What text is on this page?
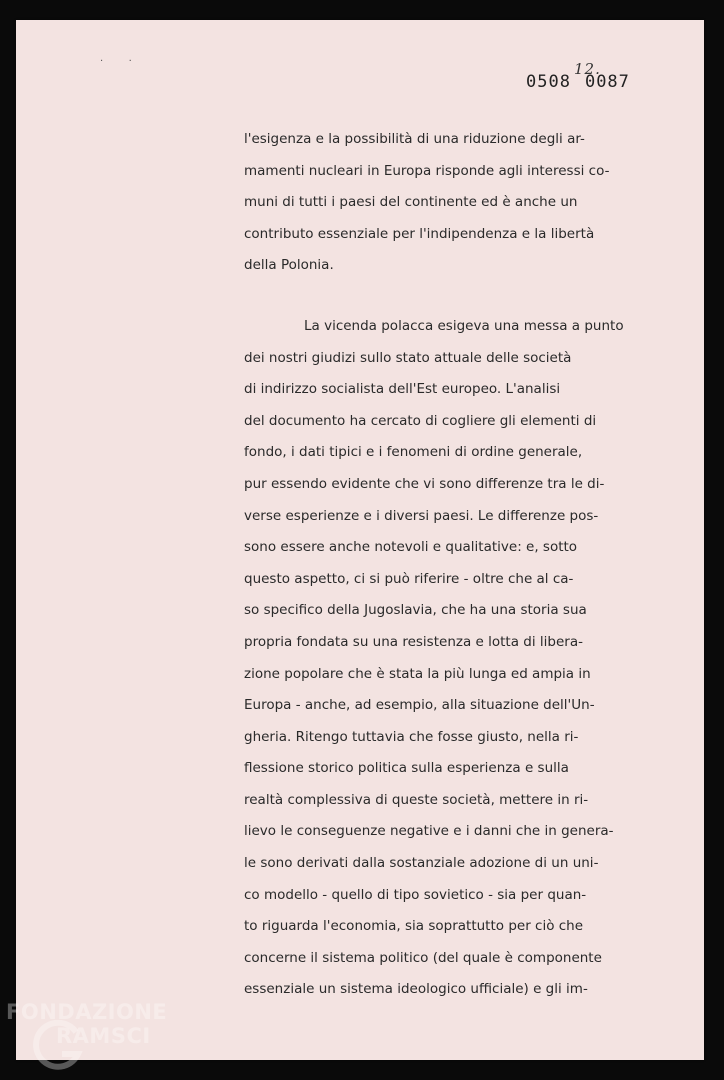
·        ·
0508
12.
0087
l'esigenza e la possibilità di una riduzione degli ar-
mamenti nucleari in Europa risponde agli interessi co-
muni di tutti i paesi del continente ed è anche un
contributo essenziale per l'indipendenza e la libertà
della Polonia.
La vicenda polacca esigeva una messa a punto
dei nostri giudizi sullo stato attuale delle società
di indirizzo socialista dell'Est europeo. L'analisi
del documento ha cercato di cogliere gli elementi di
fondo, i dati tipici e i fenomeni di ordine generale,
pur essendo evidente che vi sono differenze tra le di-
verse esperienze e i diversi paesi. Le differenze pos-
sono essere anche notevoli e qualitative: e, sotto
questo aspetto, ci si può riferire - oltre che al ca-
so specifico della Jugoslavia, che ha una storia sua
propria fondata su una resistenza e lotta di libera-
zione popolare che è stata la più lunga ed ampia in
Europa - anche, ad esempio, alla situazione dell'Un-
gheria. Ritengo tuttavia che fosse giusto, nella ri-
flessione storico politica sulla esperienza e sulla
realtà complessiva di queste società, mettere in ri-
lievo le conseguenze negative e i danni che in genera-
le sono derivati dalla sostanziale adozione di un uni-
co modello - quello di tipo sovietico - sia per quan-
to riguarda l'economia, sia soprattutto per ciò che
concerne il sistema politico (del quale è componente
essenziale un sistema ideologico ufficiale) e gli im-
FONDAZIONE
RAMSCI
